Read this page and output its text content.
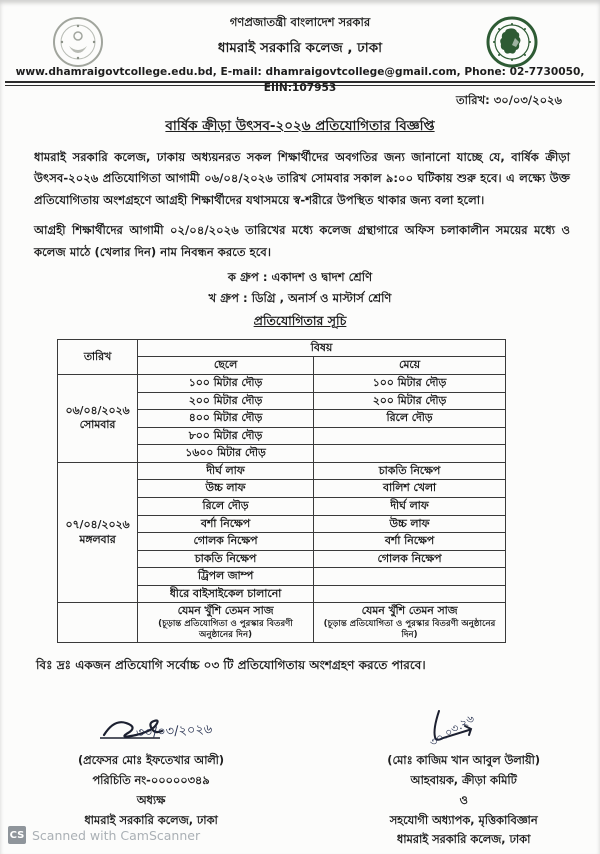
গণপ্রজাতন্ত্রী বাংলাদেশ সরকার
ধামরাই সরকারি কলেজ , ঢাকা
www.dhamraigovtcollege.edu.bd, E-mail: dhamraigovtcollege@gmail.com, Phone: 02-7730050, EIIN:107953
তারিখ: ৩০/০৩/২০২৬
বার্ষিক ক্রীড়া উৎসব-২০২৬ প্রতিযোগিতার বিজ্ঞপ্তি

ধামরাই সরকারি কলেজ, ঢাকায় অধ্যয়নরত সকল শিক্ষার্থীদের অবগতির জন্য জানানো যাচ্ছে যে, বার্ষিক ক্রীড়া উৎসব-২০২৬ প্রতিযোগিতা আগামী ০৬/০৪/২০২৬ তারিখ সোমবার সকাল ৯:০০ ঘটিকায় শুরু হবে। এ লক্ষ্যে উক্ত প্রতিযোগিতায় অংশগ্রহণে আগ্রহী শিক্ষার্থীদের যথাসময়ে স্ব-শরীরে উপস্থিত থাকার জন্য বলা হলো।

আগ্রহী শিক্ষার্থীদের আগামী ০২/০৪/২০২৬ তারিখের মধ্যে কলেজ গ্রন্থাগারে অফিস চলাকালীন সময়ের মধ্যে ও কলেজ মাঠে (খেলার দিন) নাম নিবন্ধন করতে হবে।

ক গ্রুপ : একাদশ ও দ্বাদশ শ্রেণি
খ গ্রুপ : ডিগ্রি , অনার্স ও মাস্টার্স শ্রেণি
প্রতিযোগিতার সূচি
তারিখ	বিষয়	
	ছেলে	মেয়ে

০৬/০৪/২০২৬
সোমবার	১০০ মিটার দৌড়	১০০ মিটার দৌড়
	২০০ মিটার দৌড়	২০০ মিটার দৌড়
	৪০০ মিটার দৌড়	রিলে দৌড়
	৮০০ মিটার দৌড়	
	১৬০০ মিটার দৌড়	

০৭/০৪/২০২৬
মঙ্গলবার	দীর্ঘ লাফ	চাকতি নিক্ষেপ
	উচ্চ লাফ	বালিশ খেলা
	রিলে দৌড়	দীর্ঘ লাফ
	বর্শা নিক্ষেপ	উচ্চ লাফ
	গোলক নিক্ষেপ	বর্শা নিক্ষেপ
	চাকতি নিক্ষেপ	গোলক নিক্ষেপ
	ট্রিপল জাম্প	
	ধীরে বাইসাইকেল চালানো	

যেমন খুঁশি তেমন সাজ
(চূড়ান্ত প্রতিযোগিতা ও পুরস্কার বিতরণী অনুষ্ঠানের দিন)

যেমন খুঁশি তেমন সাজ
(চূড়ান্ত প্রতিযোগিতা ও পুরস্কার বিতরণী অনুষ্ঠানের দিন)
বিঃ দ্রঃ একজন প্রতিযোগি সর্বোচ্চ ০৩ টি প্রতিযোগিতায় অংশগ্রহণ করতে পারবে।
৩০/০৩/২০২৬
(প্রফেসর মোঃ ইফতেখার আলী)
পরিচিতি নং-০০০০০৩৪৯
অধ্যক্ষ
ধামরাই সরকারি কলেজ, ঢাকা
৩০.০৩.২৬
(মোঃ কাজিম খান আবুল উলায়ী)
আহবায়ক, ক্রীড়া কমিটি
ও
সহযোগী অধ্যাপক, মৃত্তিকাবিজ্ঞান
ধামরাই সরকারি কলেজ, ঢাকা
CS Scanned with CamScanner
